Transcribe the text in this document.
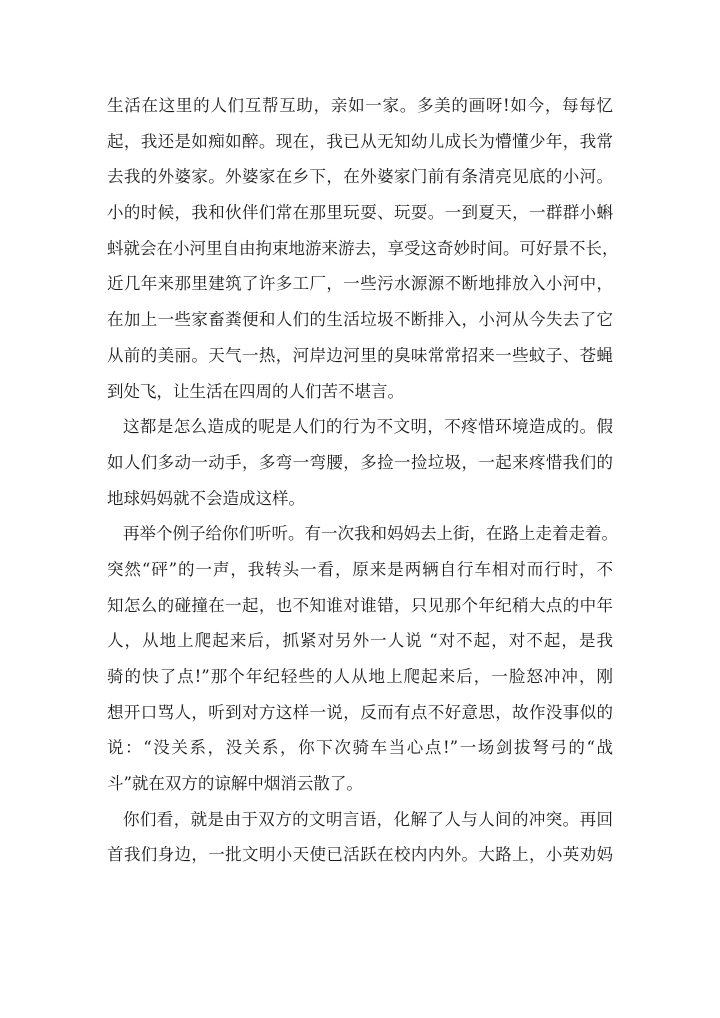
生活在这里的人们互帮互助，亲如一家。多美的画呀!如今，每每忆
起，我还是如痴如醉。现在，我已从无知幼儿成长为懵懂少年，我常
去我的外婆家。外婆家在乡下，在外婆家门前有条清亮见底的小河。
小的时候，我和伙伴们常在那里玩耍、玩耍。一到夏天，一群群小蝌
蚪就会在小河里自由拘束地游来游去，享受这奇妙时间。可好景不长，
近几年来那里建筑了许多工厂，一些污水源源不断地排放入小河中，
在加上一些家畜粪便和人们的生活垃圾不断排入，小河从今失去了它
从前的美丽。天气一热，河岸边河里的臭味常常招来一些蚊子、苍蝇
到处飞，让生活在四周的人们苦不堪言。
这都是怎么造成的呢是人们的行为不文明，不疼惜环境造成的。假
如人们多动一动手，多弯一弯腰，多捡一捡垃圾，一起来疼惜我们的
地球妈妈就不会造成这样。
再举个例子给你们听听。有一次我和妈妈去上街，在路上走着走着。
突然“砰”的一声，我转头一看，原来是两辆自行车相对而行时，不
知怎么的碰撞在一起，也不知谁对谁错，只见那个年纪稍大点的中年
人，从地上爬起来后，抓紧对另外一人说 “对不起，对不起，是我
骑的快了点!”那个年纪轻些的人从地上爬起来后，一脸怒冲冲，刚
想开口骂人，听到对方这样一说，反而有点不好意思，故作没事似的
说：“没关系，没关系，你下次骑车当心点!”一场剑拔弩弓的“战
斗”就在双方的谅解中烟消云散了。
你们看，就是由于双方的文明言语，化解了人与人间的冲突。再回
首我们身边，一批文明小天使已活跃在校内内外。大路上，小英劝妈
